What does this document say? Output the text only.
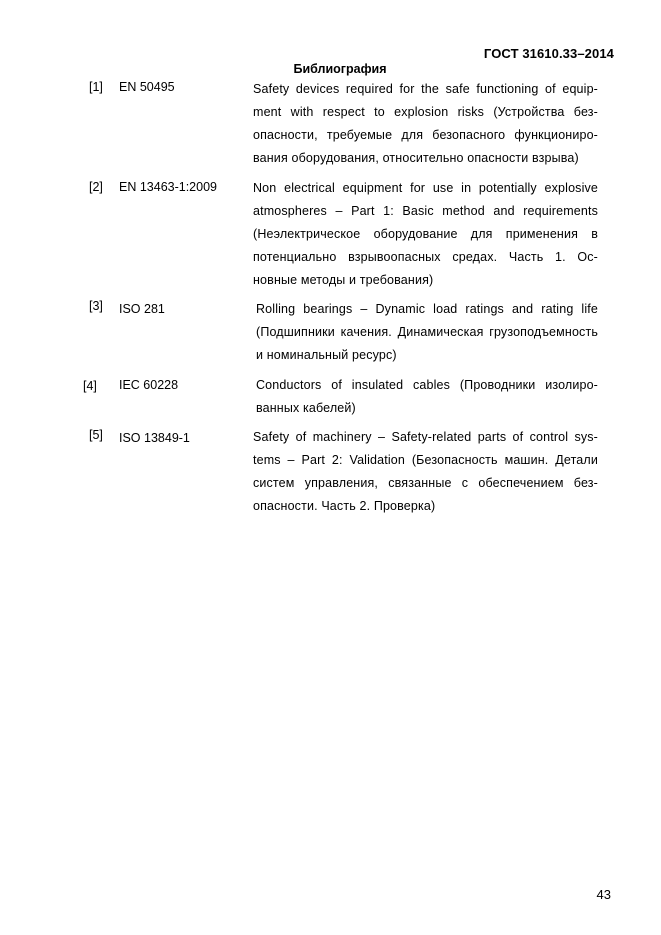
ГОСТ 31610.33–2014
Библиография
[1] EN 50495	Safety devices required for the safe functioning of equip-ment with respect to explosion risks (Устройства без-опасности, требуемые для безопасного функциониро-вания оборудования, относительно опасности взрыва)
[2] EN 13463-1:2009	Non electrical equipment for use in potentially explosive atmospheres – Part 1: Basic method and requirements (Неэлектрическое оборудование для применения в потенциально взрывоопасных средах. Часть 1. Ос-новные методы и требования)
[3] ISO 281	Rolling bearings – Dynamic load ratings and rating life (Подшипники качения. Динамическая грузоподъемность и номинальный ресурс)
[4] IEC 60228	Conductors of insulated cables (Проводники изолиро-ванных кабелей)
[5] ISO 13849-1	Safety of machinery – Safety-related parts of control sys-tems – Part 2: Validation (Безопасность машин. Детали систем управления, связанные с обеспечением без-опасности. Часть 2. Проверка)
43
